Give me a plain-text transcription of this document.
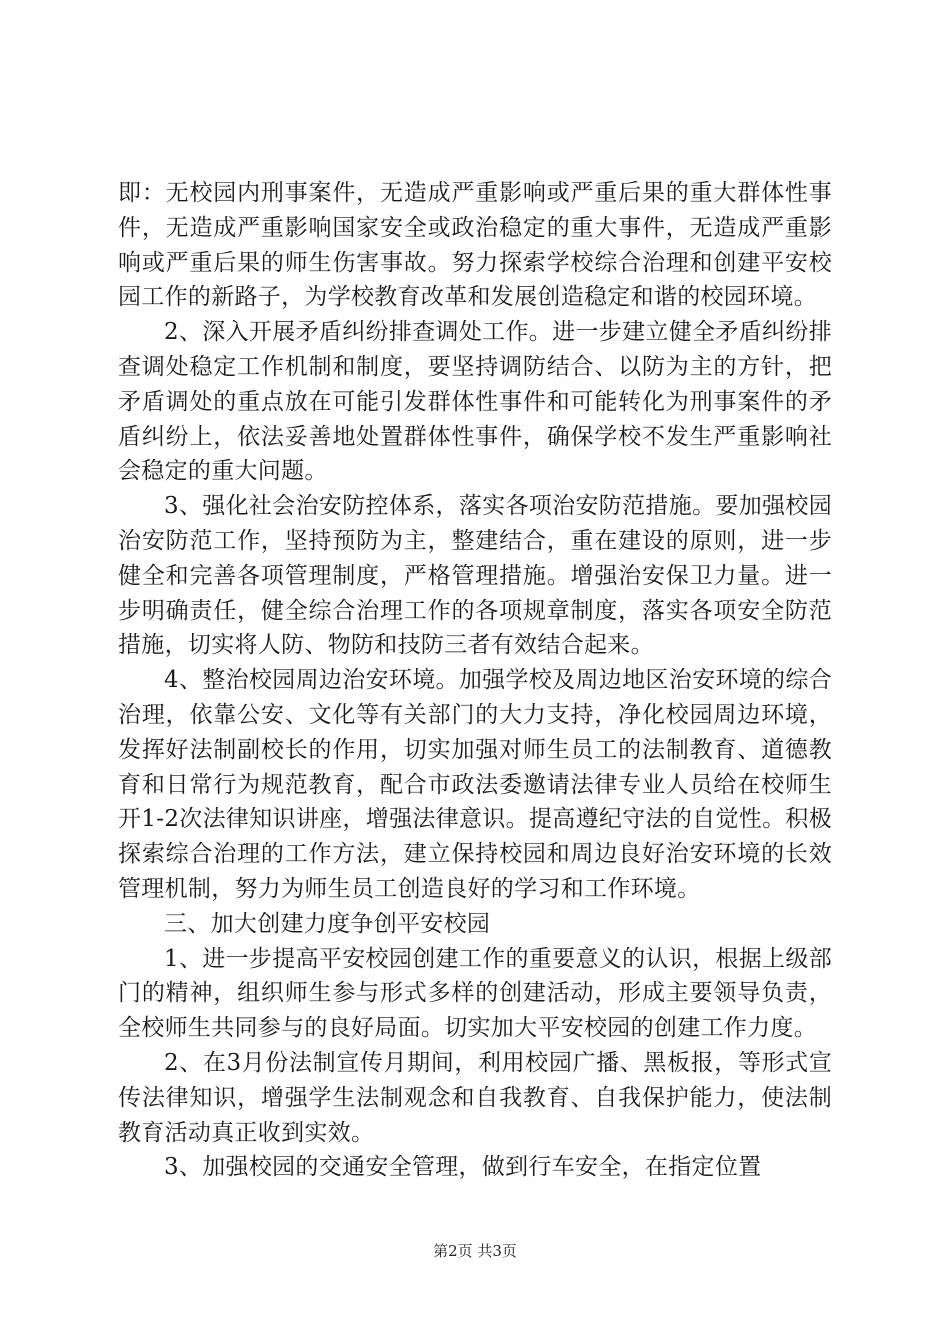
即：无校园内刑事案件，无造成严重影响或严重后果的重大群体性事件，无造成严重影响国家安全或政治稳定的重大事件，无造成严重影响或严重后果的师生伤害事故。努力探索学校综合治理和创建平安校园工作的新路子，为学校教育改革和发展创造稳定和谐的校园环境。

2、深入开展矛盾纠纷排查调处工作。进一步建立健全矛盾纠纷排查调处稳定工作机制和制度，要坚持调防结合、以防为主的方针，把矛盾调处的重点放在可能引发群体性事件和可能转化为刑事案件的矛盾纠纷上，依法妥善地处置群体性事件，确保学校不发生严重影响社会稳定的重大问题。

3、强化社会治安防控体系，落实各项治安防范措施。要加强校园治安防范工作，坚持预防为主，整建结合，重在建设的原则，进一步健全和完善各项管理制度，严格管理措施。增强治安保卫力量。进一步明确责任，健全综合治理工作的各项规章制度，落实各项安全防范措施，切实将人防、物防和技防三者有效结合起来。

4、整治校园周边治安环境。加强学校及周边地区治安环境的综合治理，依靠公安、文化等有关部门的大力支持，净化校园周边环境，发挥好法制副校长的作用，切实加强对师生员工的法制教育、道德教育和日常行为规范教育，配合市政法委邀请法律专业人员给在校师生开1-2次法律知识讲座，增强法律意识。提高遵纪守法的自觉性。积极探索综合治理的工作方法，建立保持校园和周边良好治安环境的长效管理机制，努力为师生员工创造良好的学习和工作环境。

三、加大创建力度争创平安校园

1、进一步提高平安校园创建工作的重要意义的认识，根据上级部门的精神，组织师生参与形式多样的创建活动，形成主要领导负责，全校师生共同参与的良好局面。切实加大平安校园的创建工作力度。

2、在3月份法制宣传月期间，利用校园广播、黑板报，等形式宣传法律知识，增强学生法制观念和自我教育、自我保护能力，使法制教育活动真正收到实效。

3、加强校园的交通安全管理，做到行车安全，在指定位置

第2页 共3页
